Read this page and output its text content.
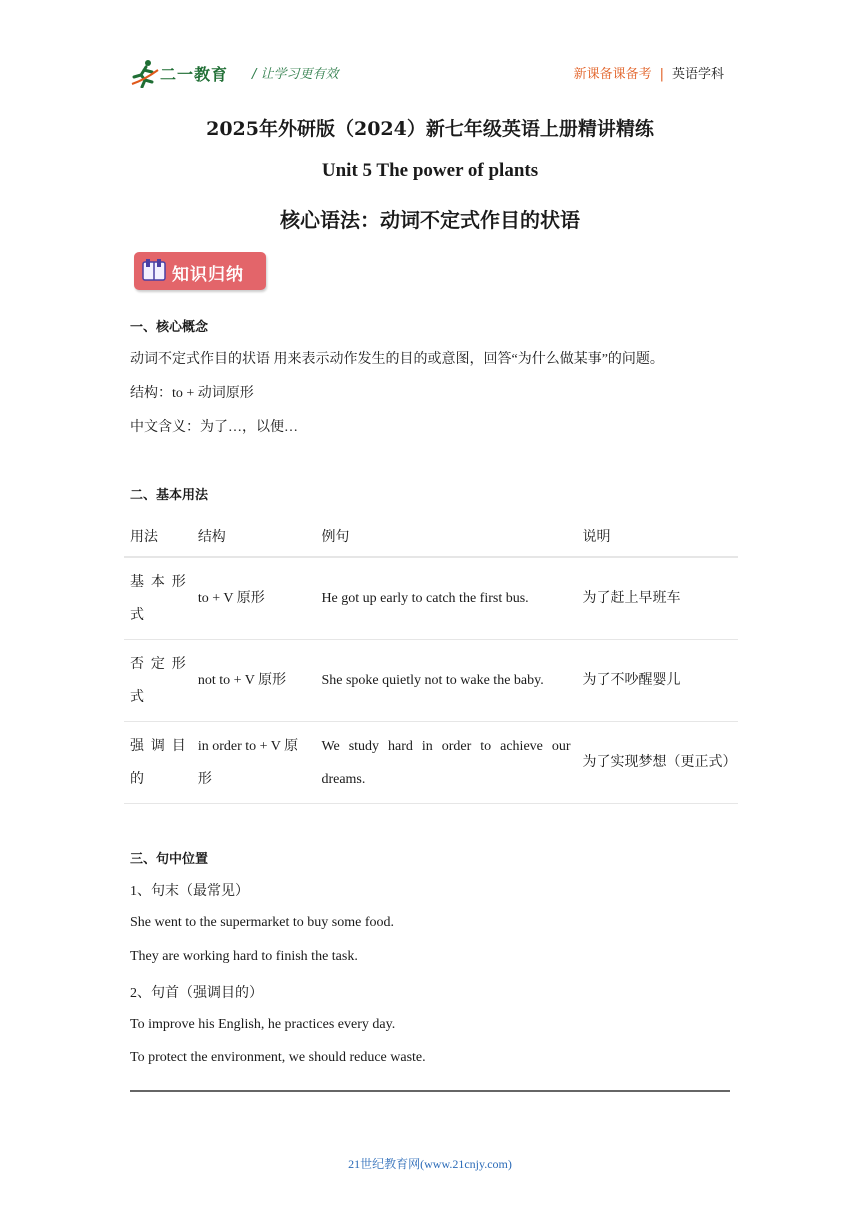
二一教育 / 让学习更有效	新课备课备考 | 英语学科
2025年外研版（2024）新七年级英语上册精讲精练
Unit 5 The power of plants
核心语法：动词不定式作目的状语
知识归纳
一、核心概念
动词不定式作目的状语 用来表示动作发生的目的或意图，回答“为什么做某事”的问题。
结构：to + 动词原形
中文含义：为了…，以便…
二、基本用法
用法	结构	例句	说明
基本形式	to + V 原形	He got up early to catch the first bus.	为了赶上早班车
否定形式	not to + V 原形	She spoke quietly not to wake the baby.	为了不吵醒婴儿
强调目的	in order to + V 原形	We study hard in order to achieve our dreams.	为了实现梦想（更正式）
三、句中位置
1、句末（最常见）
She went to the supermarket to buy some food.
They are working hard to finish the task.
2、句首（强调目的）
To improve his English, he practices every day.
To protect the environment, we should reduce waste.
21世纪教育网(www.21cnjy.com)
